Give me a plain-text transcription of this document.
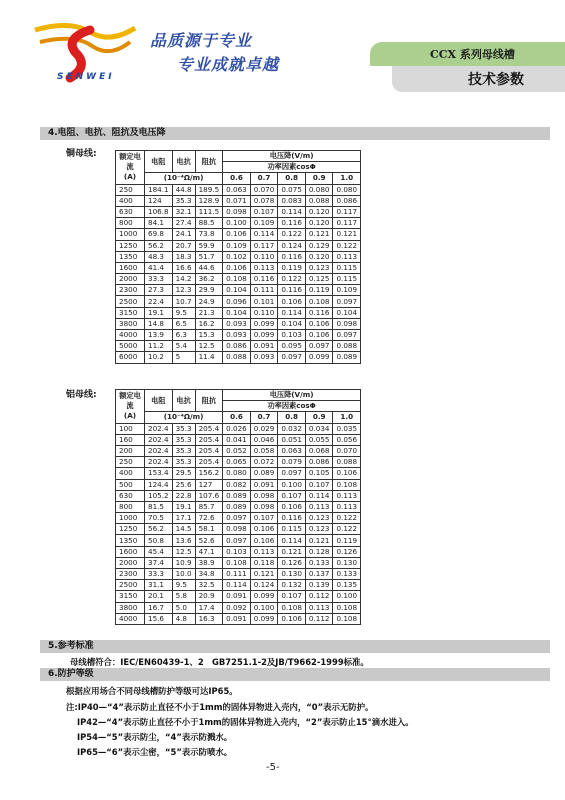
SENWEI
品质源于专业
专业成就卓越
CCX 系列母线槽
技术参数
4.电阻、电抗、阻抗及电压降
铜母线:	额定电流
(A)	电阻	电抗	阻抗	电压降(V/m)				
				功率因素cosΦ				
	(10⁻⁴Ω/m)			0.6	0.7	0.8	0.9	1.0
250	184.1	44.8	189.5	0.063	0.070	0.075	0.080	0.080
400	124	35.3	128.9	0.071	0.078	0.083	0.088	0.086
630	106.8	32.1	111.5	0.098	0.107	0.114	0.120	0.117
800	84.1	27.4	88.5	0.100	0.109	0.116	0.120	0.117
1000	69.8	24.1	73.8	0.106	0.114	0.122	0.121	0.121
1250	56.2	20.7	59.9	0.109	0.117	0.124	0.129	0.122
1350	48.3	18.3	51.7	0.102	0.110	0.116	0.120	0.113
1600	41.4	16.6	44.6	0.106	0.113	0.119	0.123	0.115
2000	33.3	14.2	36.2	0.108	0.116	0.122	0.125	0.115
2300	27.3	12.3	29.9	0.104	0.111	0.116	0.119	0.109
2500	22.4	10.7	24.9	0.096	0.101	0.106	0.108	0.097
3150	19.1	9.5	21.3	0.104	0.110	0.114	0.116	0.104
3800	14.8	6.5	16.2	0.093	0.099	0.104	0.106	0.098
4000	13.9	6.3	15.3	0.093	0.099	0.103	0.106	0.097
5000	11.2	5.4	12.5	0.086	0.091	0.095	0.097	0.088
6000	10.2	5	11.4	0.088	0.093	0.097	0.099	0.089
铝母线:	额定电流
(A)	电阻	电抗	阻抗	电压降(V/m)				
				功率因素cosΦ				
	(10⁻⁴Ω/m)			0.6	0.7	0.8	0.9	1.0
100	202.4	35.3	205.4	0.026	0.029	0.032	0.034	0.035
160	202.4	35.3	205.4	0.041	0.046	0.051	0.055	0.056
200	202.4	35.3	205.4	0.052	0.058	0.063	0.068	0.070
250	202.4	35.3	205.4	0.065	0.072	0.079	0.086	0.088
400	153.4	29.5	156.2	0.080	0.089	0.097	0.105	0.106
500	124.4	25.6	127	0.082	0.091	0.100	0.107	0.108
630	105.2	22.8	107.6	0.089	0.098	0.107	0.114	0.113
800	81.5	19.1	85.7	0.089	0.098	0.106	0.113	0.113
1000	70.5	17.1	72.6	0.097	0.107	0.116	0.123	0.122
1250	56.2	14.5	58.1	0.098	0.106	0.115	0.123	0.122
1350	50.8	13.6	52.6	0.097	0.106	0.114	0.121	0.119
1600	45.4	12.5	47.1	0.103	0.113	0.121	0.128	0.126
2000	37.4	10.9	38.9	0.108	0.118	0.126	0.133	0.130
2300	33.3	10.0	34.8	0.111	0.121	0.130	0.137	0.133
2500	31.1	9.5	32.5	0.114	0.124	0.132	0.139	0.135
3150	20.1	5.8	20.9	0.091	0.099	0.107	0.112	0.100
3800	16.7	5.0	17.4	0.092	0.100	0.108	0.113	0.108
4000	15.6	4.8	16.3	0.091	0.099	0.106	0.112	0.108
5.参考标准
母线槽符合：IEC/EN60439-1、2　GB7251.1-2及JB/T9662-1999标准。
6.防护等级
根据应用场合不同母线槽防护等级可达IP65。
注:IP40—“4”表示防止直径不小于1mm的固体异物进入壳内，“0”表示无防护。
IP42—“4”表示防止直径不小于1mm的固体异物进入壳内，“2”表示防止15°滴水进入。
IP54—“5”表示防尘，“4”表示防溅水。
IP65—“6”表示尘密，“5”表示防喷水。
-5-
